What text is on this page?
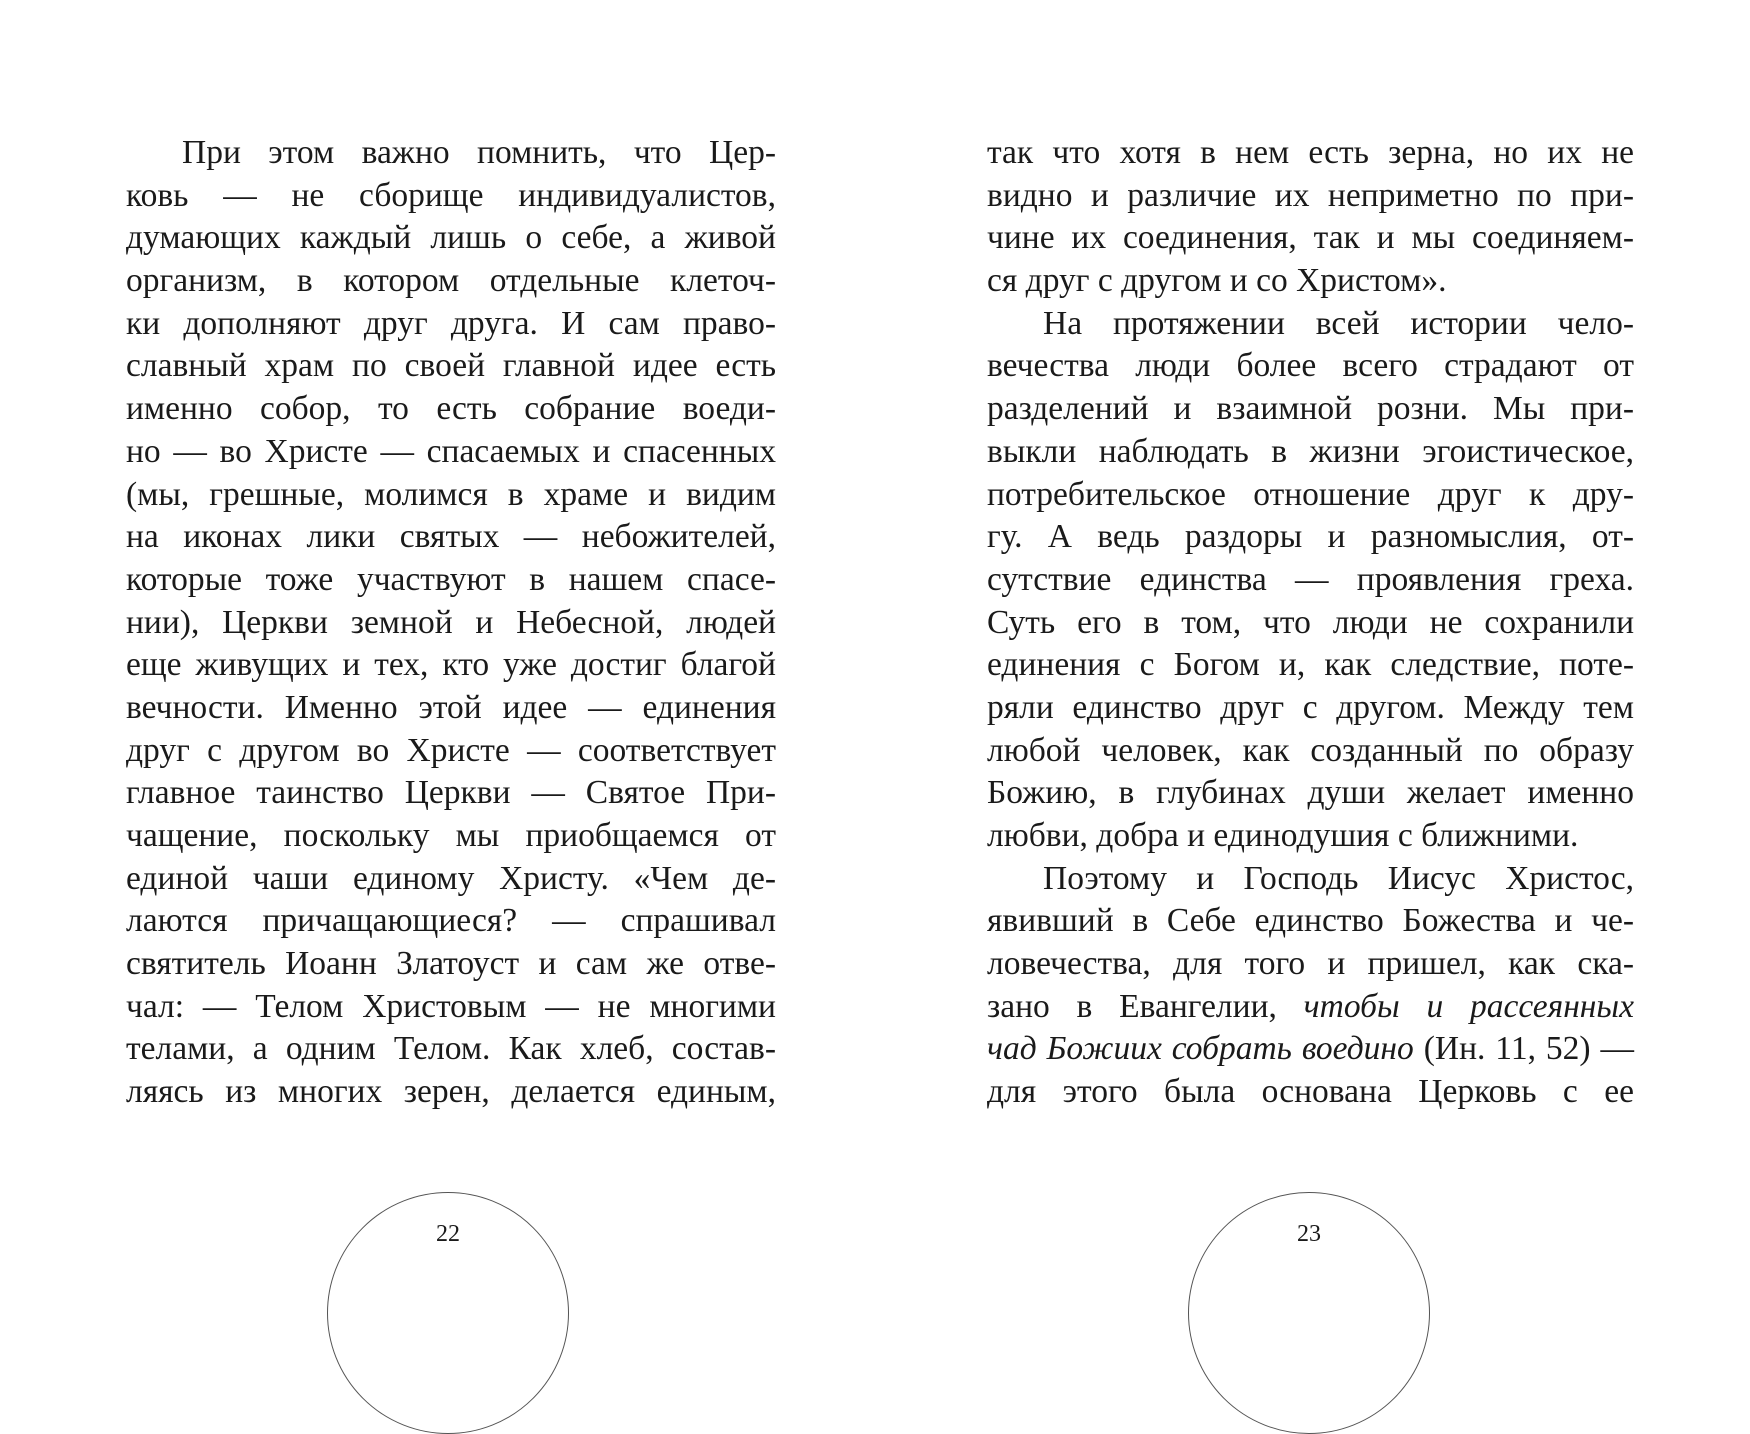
При этом важно помнить, что Цер-
ковь — не сборище индивидуалистов,
думающих каждый лишь о себе, а живой
организм, в котором отдельные клеточ-
ки дополняют друг друга. И сам право-
славный храм по своей главной идее есть
именно собор, то есть собрание воеди-
но — во Христе — спасаемых и спасенных
(мы, грешные, молимся в храме и видим
на иконах лики святых — небожителей,
которые тоже участвуют в нашем спасе-
нии), Церкви земной и Небесной, людей
еще живущих и тех, кто уже достиг благой
вечности. Именно этой идее — единения
друг с другом во Христе — соответствует
главное таинство Церкви — Святое При-
чащение, поскольку мы приобщаемся от
единой чаши единому Христу. «Чем де-
лаются причащающиеся? — спрашивал
святитель Иоанн Златоуст и сам же отве-
чал: — Телом Христовым — не многими
телами, а одним Телом. Как хлеб, состав-
ляясь из многих зерен, делается единым,
так что хотя в нем есть зерна, но их не
видно и различие их неприметно по при-
чине их соединения, так и мы соединяем-
ся друг с другом и со Христом».
На протяжении всей истории чело-
вечества люди более всего страдают от
разделений и взаимной розни. Мы при-
выкли наблюдать в жизни эгоистическое,
потребительское отношение друг к дру-
гу. А ведь раздоры и разномыслия, от-
сутствие единства — проявления греха.
Суть его в том, что люди не сохранили
единения с Богом и, как следствие, поте-
ряли единство друг с другом. Между тем
любой человек, как созданный по образу
Божию, в глубинах души желает именно
любви, добра и единодушия с ближними.
Поэтому и Господь Иисус Христос,
явивший в Себе единство Божества и че-
ловечества, для того и пришел, как ска-
зано в Евангелии, чтобы и рассеянных
чад Божиих собрать воедино (Ин. 11, 52) —
для этого была основана Церковь с ее
22	23
